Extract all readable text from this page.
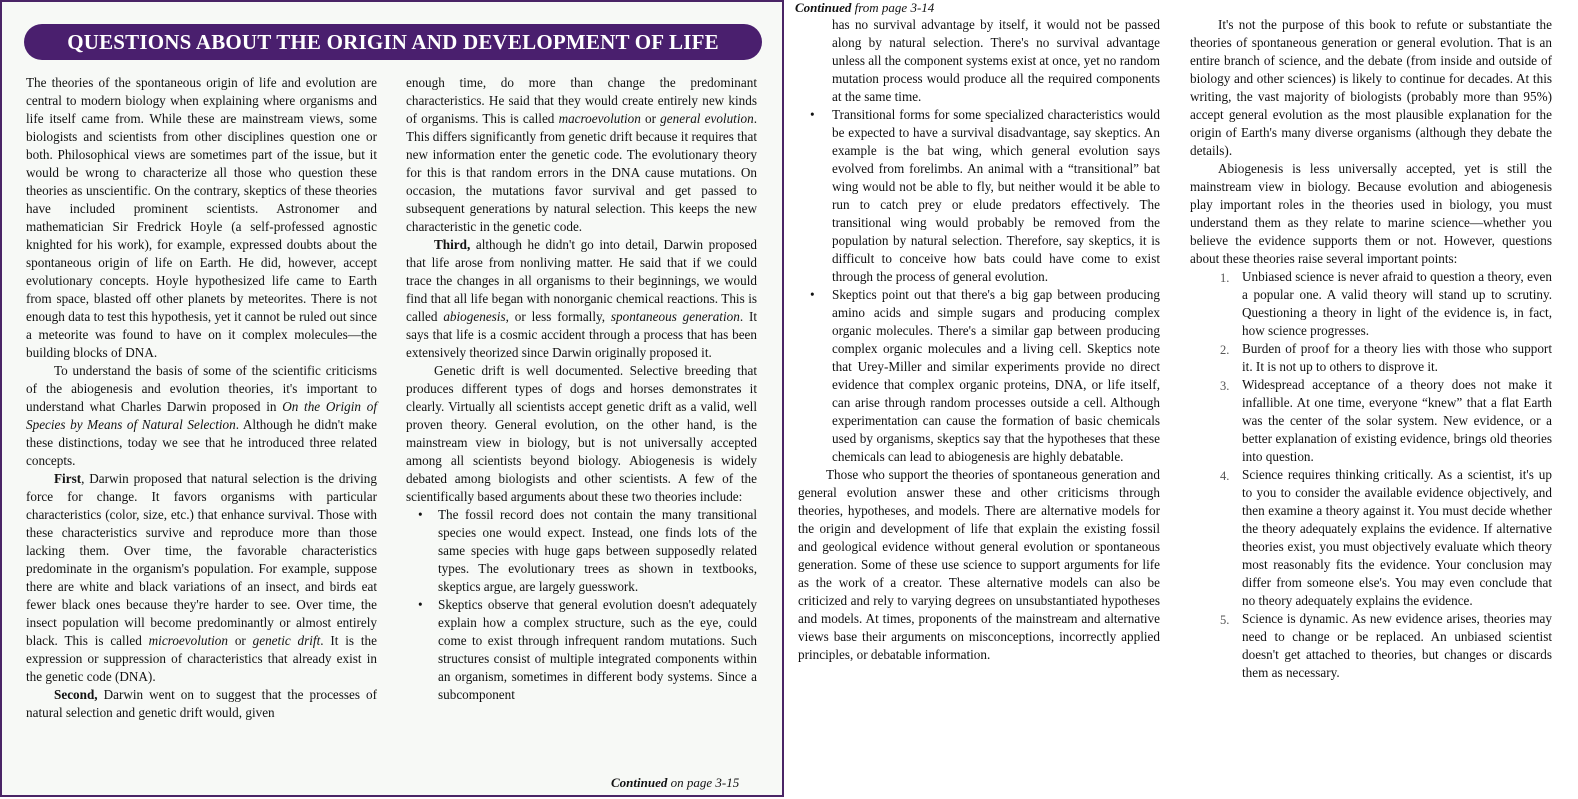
QUESTIONS ABOUT THE ORIGIN AND DEVELOPMENT OF LIFE

The theories of the spontaneous origin of life and evolution are central to modern biology when explaining where organisms and life itself came from. While these are mainstream views, some biologists and scientists from other disciplines question one or both. Philosophical views are sometimes part of the issue, but it would be wrong to characterize all those who question these theories as unscientific. On the contrary, skeptics of these theories have included prominent scientists. Astronomer and mathematician Sir Fredrick Hoyle (a self-professed agnostic knighted for his work), for example, expressed doubts about the spontaneous origin of life on Earth. He did, however, accept evolutionary concepts. Hoyle hypothesized life came to Earth from space, blasted off other planets by meteorites. There is not enough data to test this hypothesis, yet it cannot be ruled out since a meteorite was found to have on it complex molecules—the building blocks of DNA.

To understand the basis of some of the scientific criticisms of the abiogenesis and evolution theories, it's important to understand what Charles Darwin proposed in On the Origin of Species by Means of Natural Selection. Although he didn't make these distinctions, today we see that he introduced three related concepts.

First, Darwin proposed that natural selection is the driving force for change. It favors organisms with particular characteristics (color, size, etc.) that enhance survival. Those with these characteristics survive and reproduce more than those lacking them. Over time, the favorable characteristics predominate in the organism's population. For example, suppose there are white and black variations of an insect, and birds eat fewer black ones because they're harder to see. Over time, the insect population will become predominantly or almost entirely black. This is called microevolution or genetic drift. It is the expression or suppression of characteristics that already exist in the genetic code (DNA).

Second, Darwin went on to suggest that the processes of natural selection and genetic drift would, given

enough time, do more than change the predominant characteristics. He said that they would create entirely new kinds of organisms. This is called macroevolution or general evolution. This differs significantly from genetic drift because it requires that new information enter the genetic code. The evolutionary theory for this is that random errors in the DNA cause mutations. On occasion, the mutations favor survival and get passed to subsequent generations by natural selection. This keeps the new characteristic in the genetic code.

Third, although he didn't go into detail, Darwin proposed that life arose from nonliving matter. He said that if we could trace the changes in all organisms to their beginnings, we would find that all life began with nonorganic chemical reactions. This is called abiogenesis, or less formally, spontaneous generation. It says that life is a cosmic accident through a process that has been extensively theorized since Darwin originally proposed it.

Genetic drift is well documented. Selective breeding that produces different types of dogs and horses demonstrates it clearly. Virtually all scientists accept genetic drift as a valid, well proven theory. General evolution, on the other hand, is the mainstream view in biology, but is not universally accepted among all scientists beyond biology. Abiogenesis is widely debated among biologists and other scientists. A few of the scientifically based arguments about these two theories include:

• The fossil record does not contain the many transitional species one would expect. Instead, one finds lots of the same species with huge gaps between supposedly related types. The evolutionary trees as shown in textbooks, skeptics argue, are largely guesswork.
• Skeptics observe that general evolution doesn't adequately explain how a complex structure, such as the eye, could come to exist through infrequent random mutations. Such structures consist of multiple integrated components within an organism, sometimes in different body systems. Since a subcomponent
Continued on page 3-15
Continued from page 3-14

has no survival advantage by itself, it would not be passed along by natural selection. There's no survival advantage unless all the component systems exist at once, yet no random mutation process would produce all the required components at the same time.

• Transitional forms for some specialized characteristics would be expected to have a survival disadvantage, say skeptics. An example is the bat wing, which general evolution says evolved from forelimbs. An animal with a “transitional” bat wing would not be able to fly, but neither would it be able to run to catch prey or elude predators effectively. The transitional wing would probably be removed from the population by natural selection. Therefore, say skeptics, it is difficult to conceive how bats could have come to exist through the process of general evolution.
• Skeptics point out that there's a big gap between producing amino acids and simple sugars and producing complex organic molecules. There's a similar gap between producing complex organic molecules and a living cell. Skeptics note that Urey-Miller and similar experiments provide no direct evidence that complex organic proteins, DNA, or life itself, can arise through random processes outside a cell. Although experimentation can cause the formation of basic chemicals used by organisms, skeptics say that the hypotheses that these chemicals can lead to abiogenesis are highly debatable.

Those who support the theories of spontaneous generation and general evolution answer these and other criticisms through theories, hypotheses, and models. There are alternative models for the origin and development of life that explain the existing fossil and geological evidence without general evolution or spontaneous generation. Some of these use science to support arguments for life as the work of a creator. These alternative models can also be criticized and rely to varying degrees on unsubstantiated hypotheses and models. At times, proponents of the mainstream and alternative views base their arguments on misconceptions, incorrectly applied principles, or debatable information.

It's not the purpose of this book to refute or substantiate the theories of spontaneous generation or general evolution. That is an entire branch of science, and the debate (from inside and outside of biology and other sciences) is likely to continue for decades. At this writing, the vast majority of biologists (probably more than 95%) accept general evolution as the most plausible explanation for the origin of Earth's many diverse organisms (although they debate the details).

Abiogenesis is less universally accepted, yet is still the mainstream view in biology. Because evolution and abiogenesis play important roles in the theories used in biology, you must understand them as they relate to marine science—whether you believe the evidence supports them or not. However, questions about these theories raise several important points:

1. Unbiased science is never afraid to question a theory, even a popular one. A valid theory will stand up to scrutiny. Questioning a theory in light of the evidence is, in fact, how science progresses.
2. Burden of proof for a theory lies with those who support it. It is not up to others to disprove it.
3. Widespread acceptance of a theory does not make it infallible. At one time, everyone “knew” that a flat Earth was the center of the solar system. New evidence, or a better explanation of existing evidence, brings old theories into question.
4. Science requires thinking critically. As a scientist, it's up to you to consider the available evidence objectively, and then examine a theory against it. You must decide whether the theory adequately explains the evidence. If alternative theories exist, you must objectively evaluate which theory most reasonably fits the evidence. Your conclusion may differ from someone else's. You may even conclude that no theory adequately explains the evidence.
5. Science is dynamic. As new evidence arises, theories may need to change or be replaced. An unbiased scientist doesn't get attached to theories, but changes or discards them as necessary.
